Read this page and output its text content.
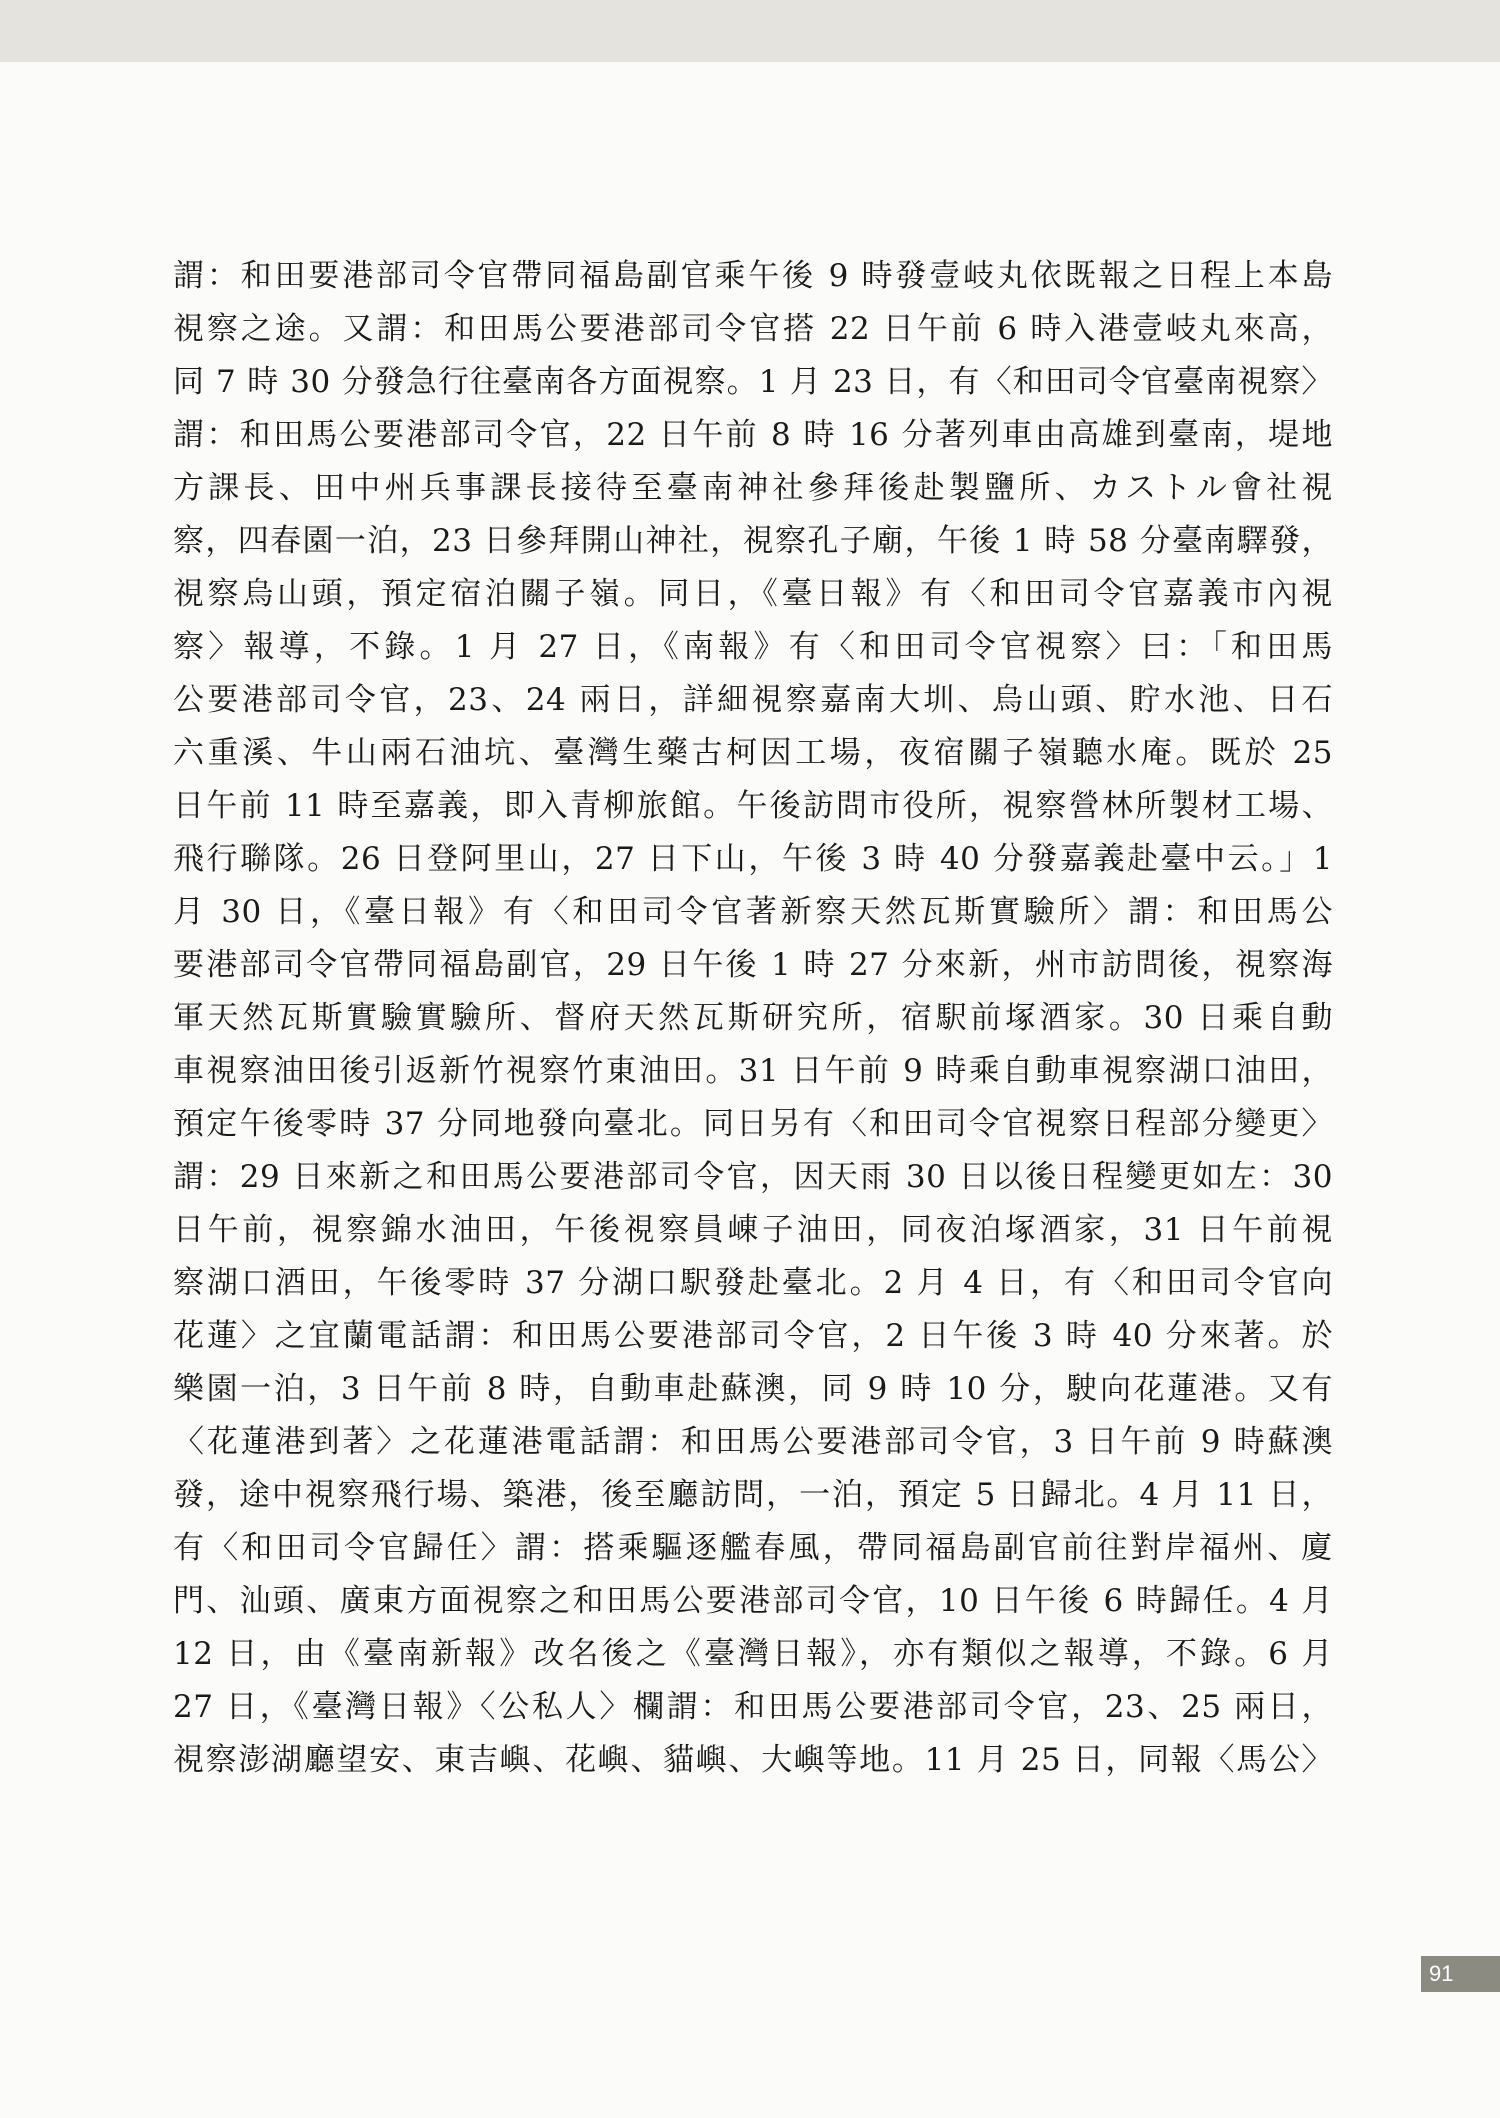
謂：和田要港部司令官帶同福島副官乘午後 9 時發壹岐丸依既報之日程上本島
視察之途。又謂：和田馬公要港部司令官搭 22 日午前 6 時入港壹岐丸來高，
同 7 時 30 分發急行往臺南各方面視察。1 月 23 日，有〈和田司令官臺南視察〉
謂：和田馬公要港部司令官，22 日午前 8 時 16 分著列車由高雄到臺南，堤地
方課長、田中州兵事課長接待至臺南神社參拜後赴製鹽所、カストル會社視
察，四春園一泊，23 日參拜開山神社，視察孔子廟，午後 1 時 58 分臺南驛發，
視察烏山頭，預定宿泊關子嶺。同日，《臺日報》有〈和田司令官嘉義市內視
察〉報導，不錄。1 月 27 日，《南報》有〈和田司令官視察〉曰：「和田馬
公要港部司令官，23、24 兩日，詳細視察嘉南大圳、烏山頭、貯水池、日石
六重溪、牛山兩石油坑、臺灣生藥古柯因工場，夜宿關子嶺聽水庵。既於 25
日午前 11 時至嘉義，即入青柳旅館。午後訪問市役所，視察營林所製材工場、
飛行聯隊。26 日登阿里山，27 日下山，午後 3 時 40 分發嘉義赴臺中云。」1
月 30 日，《臺日報》有〈和田司令官著新察天然瓦斯實驗所〉謂：和田馬公
要港部司令官帶同福島副官，29 日午後 1 時 27 分來新，州市訪問後，視察海
軍天然瓦斯實驗實驗所、督府天然瓦斯研究所，宿駅前塚酒家。30 日乘自動
車視察油田後引返新竹視察竹東油田。31 日午前 9 時乘自動車視察湖口油田，
預定午後零時 37 分同地發向臺北。同日另有〈和田司令官視察日程部分變更〉
謂：29 日來新之和田馬公要港部司令官，因天雨 30 日以後日程變更如左：30
日午前，視察錦水油田，午後視察員崠子油田，同夜泊塚酒家，31 日午前視
察湖口酒田，午後零時 37 分湖口駅發赴臺北。2 月 4 日，有〈和田司令官向
花蓮〉之宜蘭電話謂：和田馬公要港部司令官，2 日午後 3 時 40 分來著。於
樂園一泊，3 日午前 8 時，自動車赴蘇澳，同 9 時 10 分，駛向花蓮港。又有
〈花蓮港到著〉之花蓮港電話謂：和田馬公要港部司令官，3 日午前 9 時蘇澳
發，途中視察飛行場、築港，後至廳訪問，一泊，預定 5 日歸北。4 月 11 日，
有〈和田司令官歸任〉謂：搭乘驅逐艦春風，帶同福島副官前往對岸福州、廈
門、汕頭、廣東方面視察之和田馬公要港部司令官，10 日午後 6 時歸任。4 月
12 日，由《臺南新報》改名後之《臺灣日報》，亦有類似之報導，不錄。6 月
27 日，《臺灣日報》〈公私人〉欄謂：和田馬公要港部司令官，23、25 兩日，
視察澎湖廳望安、東吉嶼、花嶼、貓嶼、大嶼等地。11 月 25 日，同報〈馬公〉
91
